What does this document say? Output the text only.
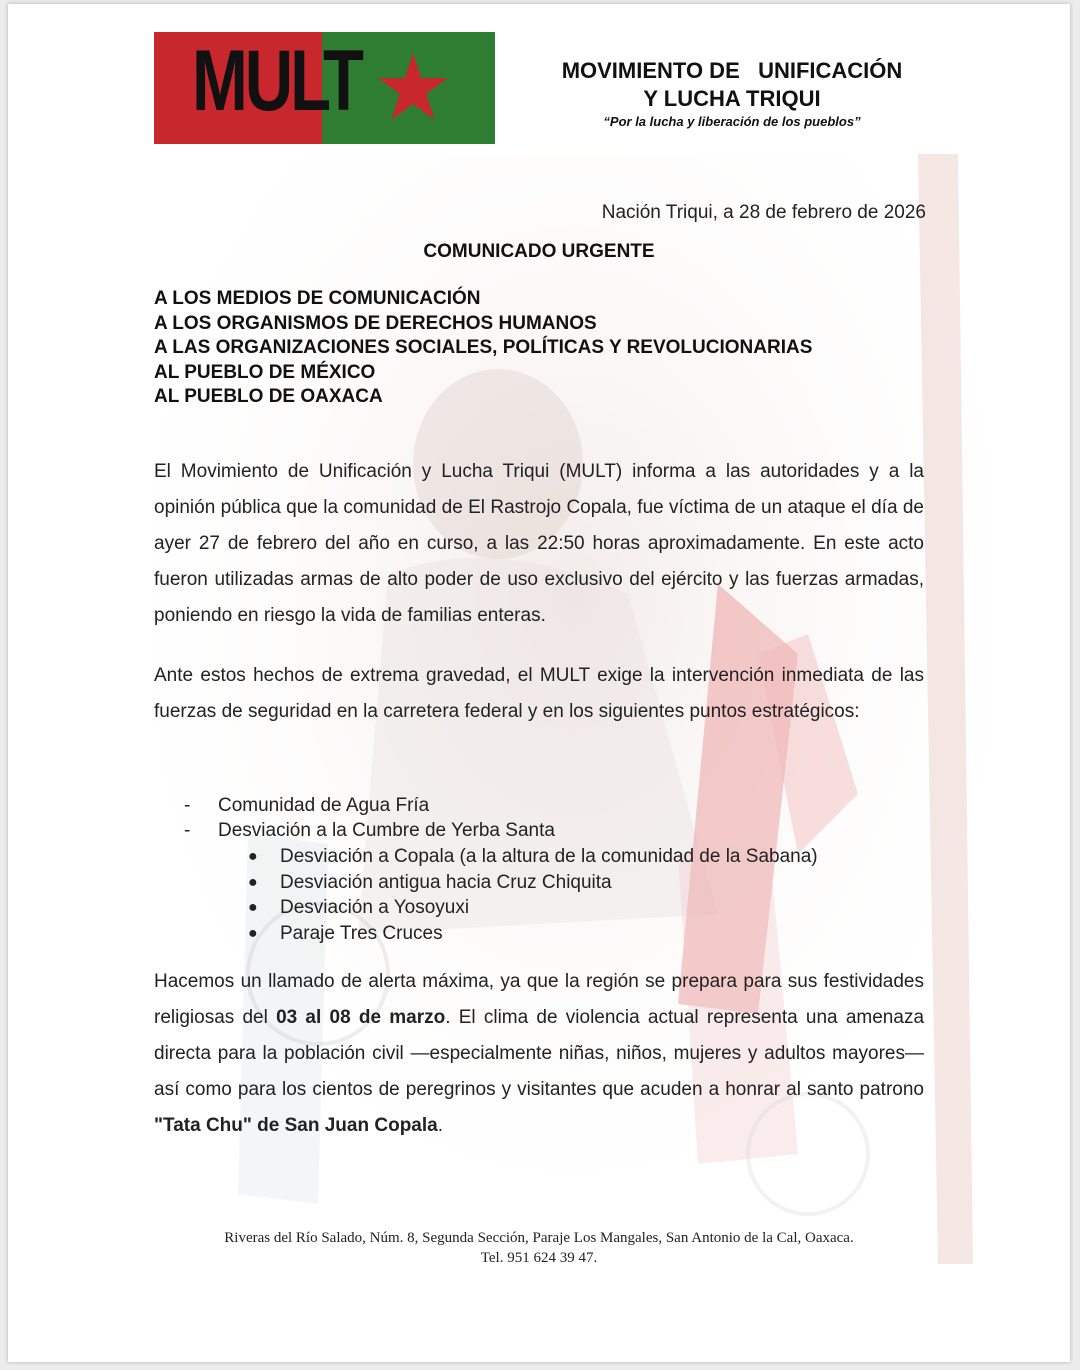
MULT	MOVIMIENTO DE   UNIFICACIÓN
Y LUCHA TRIQUI
“Por la lucha y liberación de los pueblos”
Nación Triqui, a 28 de febrero de 2026
COMUNICADO URGENTE
A LOS MEDIOS DE COMUNICACIÓN
A LOS ORGANISMOS DE DERECHOS HUMANOS
A LAS ORGANIZACIONES SOCIALES, POLÍTICAS Y REVOLUCIONARIAS
AL PUEBLO DE MÉXICO
AL PUEBLO DE OAXACA
El Movimiento de Unificación y Lucha Triqui (MULT) informa a las autoridades y a la opinión pública que la comunidad de El Rastrojo Copala, fue víctima de un ataque el día de ayer 27 de febrero del año en curso, a las 22:50 horas aproximadamente. En este acto fueron utilizadas armas de alto poder de uso exclusivo del ejército y las fuerzas armadas, poniendo en riesgo la vida de familias enteras.
Ante estos hechos de extrema gravedad, el MULT exige la intervención inmediata de las fuerzas de seguridad en la carretera federal y en los siguientes puntos estratégicos:
-	Comunidad de Agua Fría
-	Desviación a la Cumbre de Yerba Santa
●	Desviación a Copala (a la altura de la comunidad de la Sabana)
●	Desviación antigua hacia Cruz Chiquita
●	Desviación a Yosoyuxi
●	Paraje Tres Cruces
Hacemos un llamado de alerta máxima, ya que la región se prepara para sus festividades religiosas del 03 al 08 de marzo. El clima de violencia actual representa una amenaza directa para la población civil —especialmente niñas, niños, mujeres y adultos mayores— así como para los cientos de peregrinos y visitantes que acuden a honrar al santo patrono "Tata Chu" de San Juan Copala.
Riveras del Río Salado, Núm. 8, Segunda Sección, Paraje Los Mangales, San Antonio de la Cal, Oaxaca.
Tel. 951 624 39 47.
